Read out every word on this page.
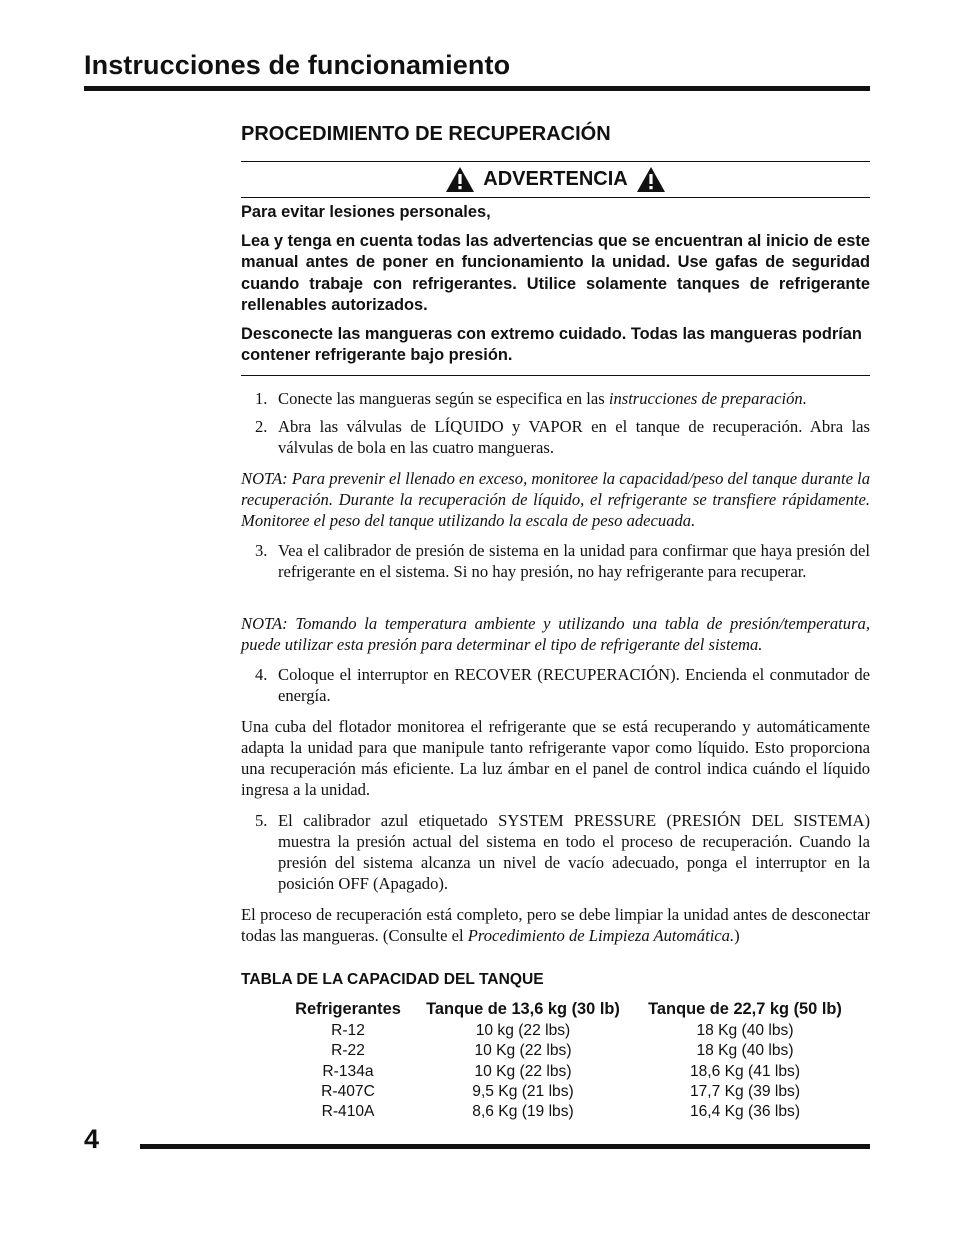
Instrucciones de funcionamiento
PROCEDIMIENTO DE RECUPERACIÓN
ADVERTENCIA

Para evitar lesiones personales,

Lea y tenga en cuenta todas las advertencias que se encuentran al inicio de este manual antes de poner en funcionamiento la unidad. Use gafas de seguridad cuando trabaje con refrigerantes. Utilice solamente tanques de refrigerante rellenables autorizados.

Desconecte las mangueras con extremo cuidado. Todas las mangueras podrían contener refrigerante bajo presión.

1. Conecte las mangueras según se especifica en las instrucciones de preparación.
2. Abra las válvulas de LÍQUIDO y VAPOR en el tanque de recuperación. Abra las válvulas de bola en las cuatro mangueras.
NOTA: Para prevenir el llenado en exceso, monitoree la capacidad/peso del tanque durante la recuperación. Durante la recuperación de líquido, el refrigerante se transfiere rápidamente. Monitoree el peso del tanque utilizando la escala de peso adecuada.
3. Vea el calibrador de presión de sistema en la unidad para confirmar que haya presión del refrigerante en el sistema. Si no hay presión, no hay refrigerante para recuperar.
NOTA: Tomando la temperatura ambiente y utilizando una tabla de presión/temperatura, puede utilizar esta presión para determinar el tipo de refrigerante del sistema.
4. Coloque el interruptor en RECOVER (RECUPERACIÓN). Encienda el conmutador de energía.
Una cuba del flotador monitorea el refrigerante que se está recuperando y automáticamente adapta la unidad para que manipule tanto refrigerante vapor como líquido. Esto proporciona una recuperación más eficiente. La luz ámbar en el panel de control indica cuándo el líquido ingresa a la unidad.
5. El calibrador azul etiquetado SYSTEM PRESSURE (PRESIÓN DEL SISTEMA) muestra la presión actual del sistema en todo el proceso de recuperación. Cuando la presión del sistema alcanza un nivel de vacío adecuado, ponga el interruptor en la posición OFF (Apagado).
El proceso de recuperación está completo, pero se debe limpiar la unidad antes de desconectar todas las mangueras. (Consulte el Procedimiento de Limpieza Automática.)
TABLA DE LA CAPACIDAD DEL TANQUE
Refrigerantes	Tanque de 13,6 kg (30 lb)	Tanque de 22,7 kg (50 lb)
R-12	10 kg (22 lbs)	18 Kg (40 lbs)
R-22	10 Kg (22 lbs)	18 Kg (40 lbs)
R-134a	10 Kg (22 lbs)	18,6 Kg (41 lbs)
R-407C	9,5 Kg (21 lbs)	17,7 Kg (39 lbs)
R-410A	8,6 Kg (19 lbs)	16,4 Kg (36 lbs)
4
